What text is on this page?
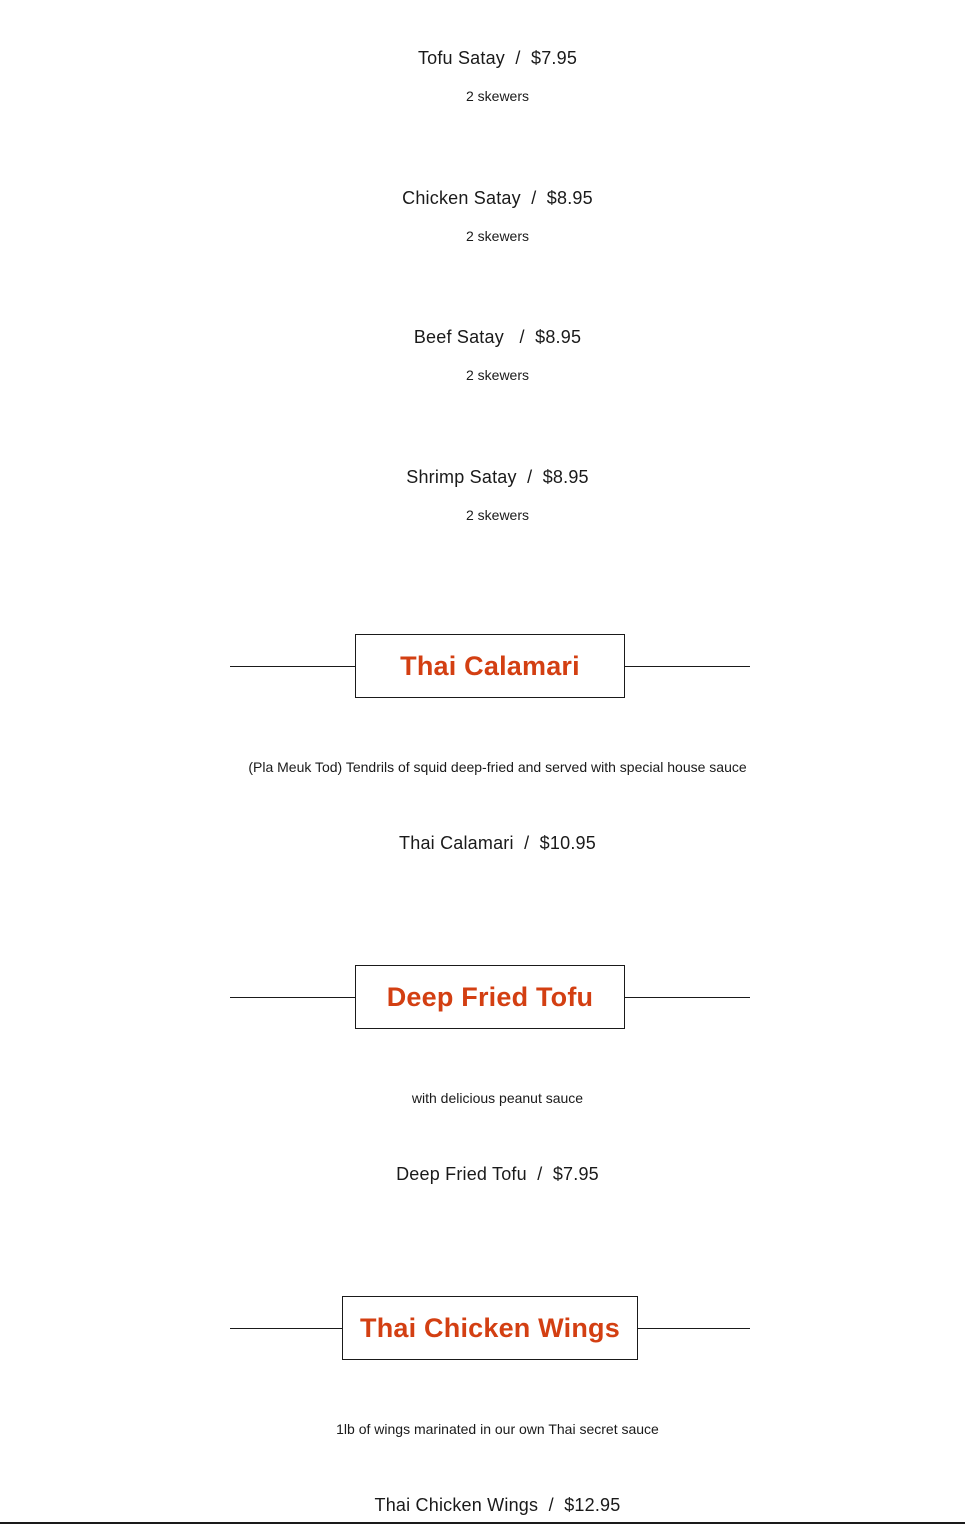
Tofu Satay  /  $7.95
2 skewers
Chicken Satay  /  $8.95
2 skewers
Beef Satay   /  $8.95
2 skewers
Shrimp Satay  /  $8.95
2 skewers
Thai Calamari
(Pla Meuk Tod) Tendrils of squid deep-fried and served with special house sauce
Thai Calamari  /  $10.95
Deep Fried Tofu
with delicious peanut sauce
Deep Fried Tofu  /  $7.95
Thai Chicken Wings
1lb of wings marinated in our own Thai secret sauce
Thai Chicken Wings  /  $12.95
